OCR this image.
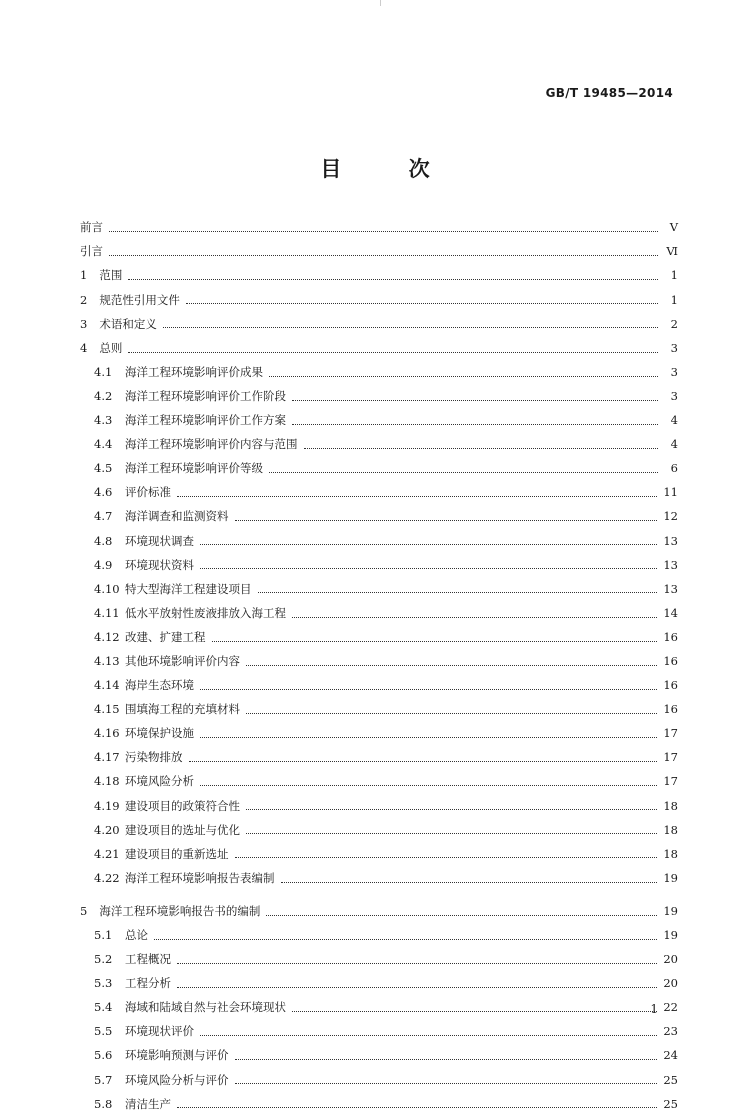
GB/T 19485—2014
目 次
前言	Ⅴ
引言	Ⅵ
1 范围	1
2 规范性引用文件	1
3 术语和定义	2
4 总则	3
4.1	海洋工程环境影响评价成果	3
4.2	海洋工程环境影响评价工作阶段	3
4.3	海洋工程环境影响评价工作方案	4
4.4	海洋工程环境影响评价内容与范围	4
4.5	海洋工程环境影响评价等级	6
4.6	评价标准	11
4.7	海洋调查和监测资料	12
4.8	环境现状调查	13
4.9	环境现状资料	13
4.10 特大型海洋工程建设项目	13
4.11 低水平放射性废液排放入海工程	14
4.12 改建、扩建工程	16
4.13 其他环境影响评价内容	16
4.14 海岸生态环境	16
4.15 围填海工程的充填材料	16
4.16 环境保护设施	17
4.17 污染物排放	17
4.18 环境风险分析	17
4.19 建设项目的政策符合性	18
4.20 建设项目的选址与优化	18
4.21 建设项目的重新选址	18
4.22 海洋工程环境影响报告表编制	19
5 海洋工程环境影响报告书的编制	19
5.1	总论	19
5.2	工程概况	20
5.3	工程分析	20
5.4	海域和陆域自然与社会环境现状	22
5.5	环境现状评价	23
5.6	环境影响预测与评价	24
5.7	环境风险分析与评价	25
5.8	清洁生产	25
1
